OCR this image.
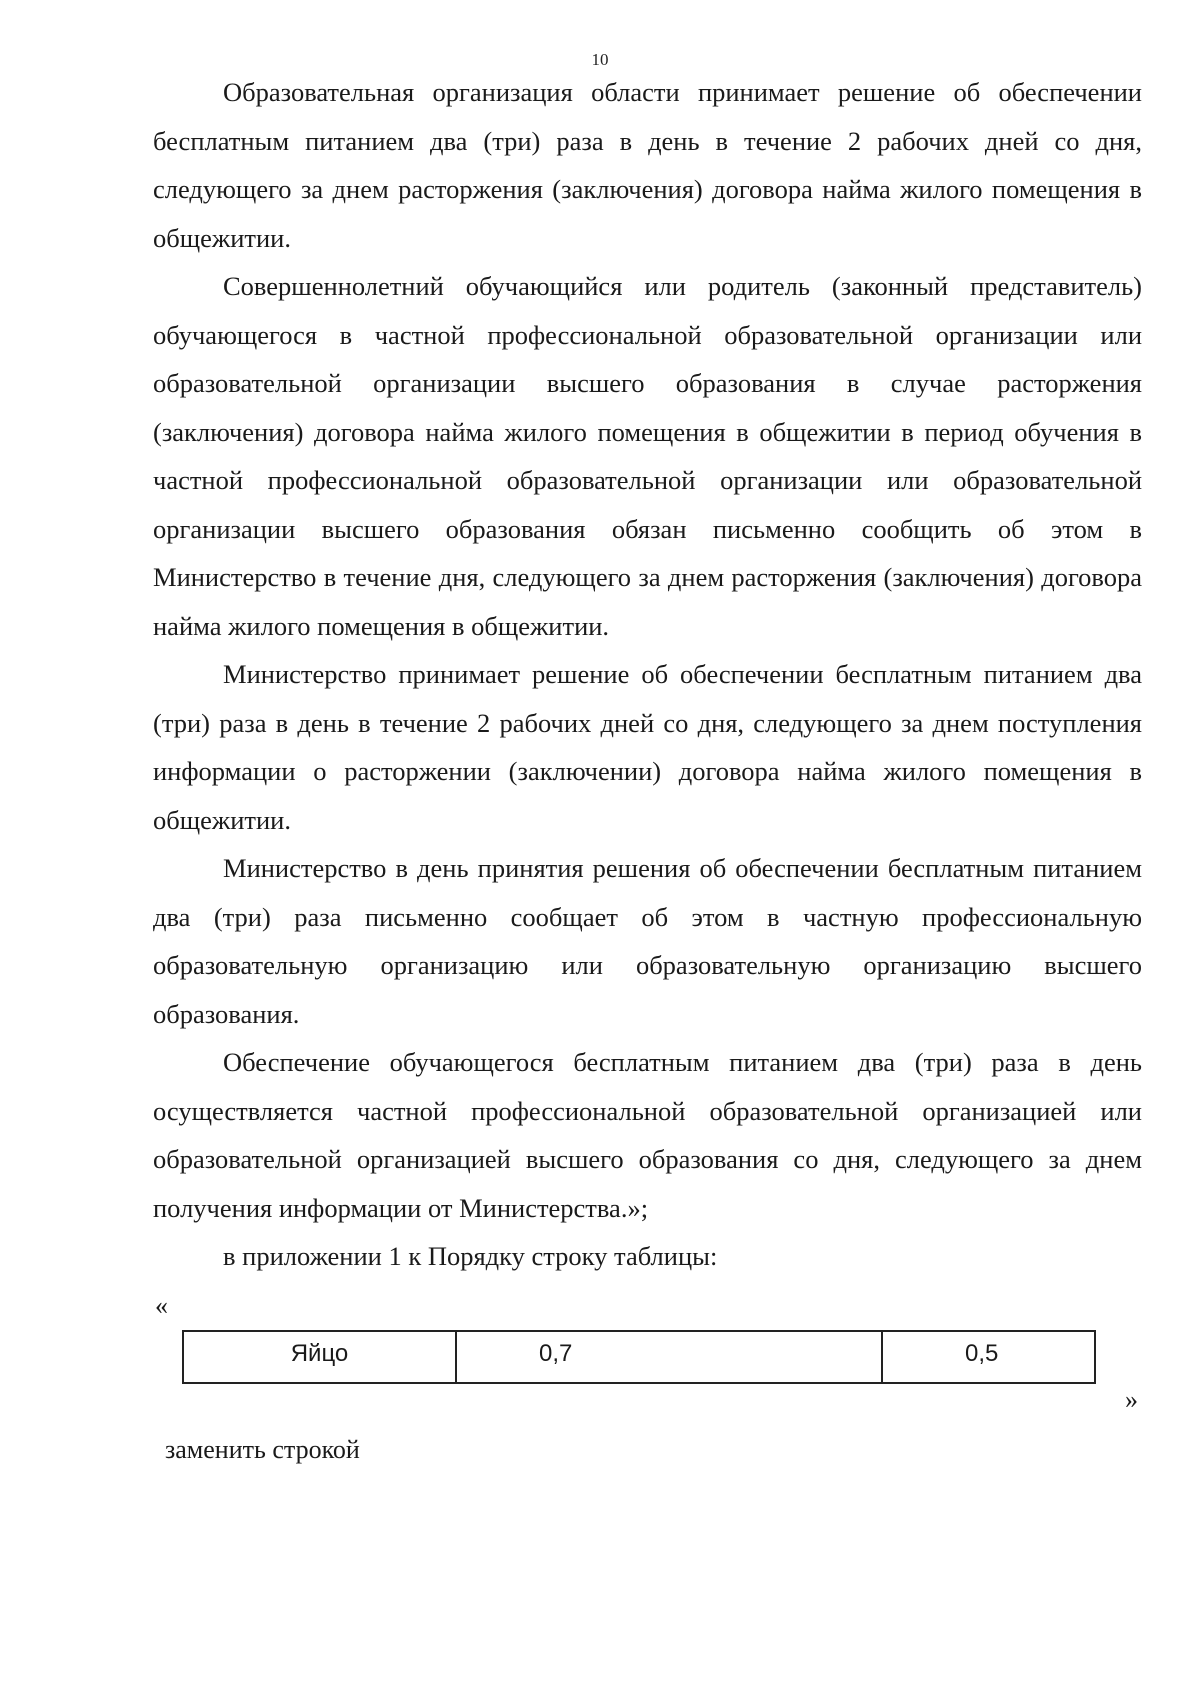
10

Образовательная организация области принимает решение об обеспечении бесплатным питанием два (три) раза в день в течение 2 рабочих дней со дня, следующего за днем расторжения (заключения) договора найма жилого помещения в общежитии.

Совершеннолетний обучающийся или родитель (законный представитель) обучающегося в частной профессиональной образовательной организации или образовательной организации высшего образования в случае расторжения (заключения) договора найма жилого помещения в общежитии в период обучения в частной профессиональной образовательной организации или образовательной организации высшего образования обязан письменно сообщить об этом в Министерство в течение дня, следующего за днем расторжения (заключения) договора найма жилого помещения в общежитии.

Министерство принимает решение об обеспечении бесплатным питанием два (три) раза в день в течение 2 рабочих дней со дня, следующего за днем поступления информации о расторжении (заключении) договора найма жилого помещения в общежитии.

Министерство в день принятия решения об обеспечении бесплатным питанием два (три) раза письменно сообщает об этом в частную профессиональную образовательную организацию или образовательную организацию высшего образования.

Обеспечение обучающегося бесплатным питанием два (три) раза в день осуществляется частной профессиональной образовательной организацией или образовательной организацией высшего образования со дня, следующего за днем получения информации от Министерства.»;

в приложении 1 к Порядку строку таблицы:

«
Яйцо	0,7	0,5
»
заменить строкой
